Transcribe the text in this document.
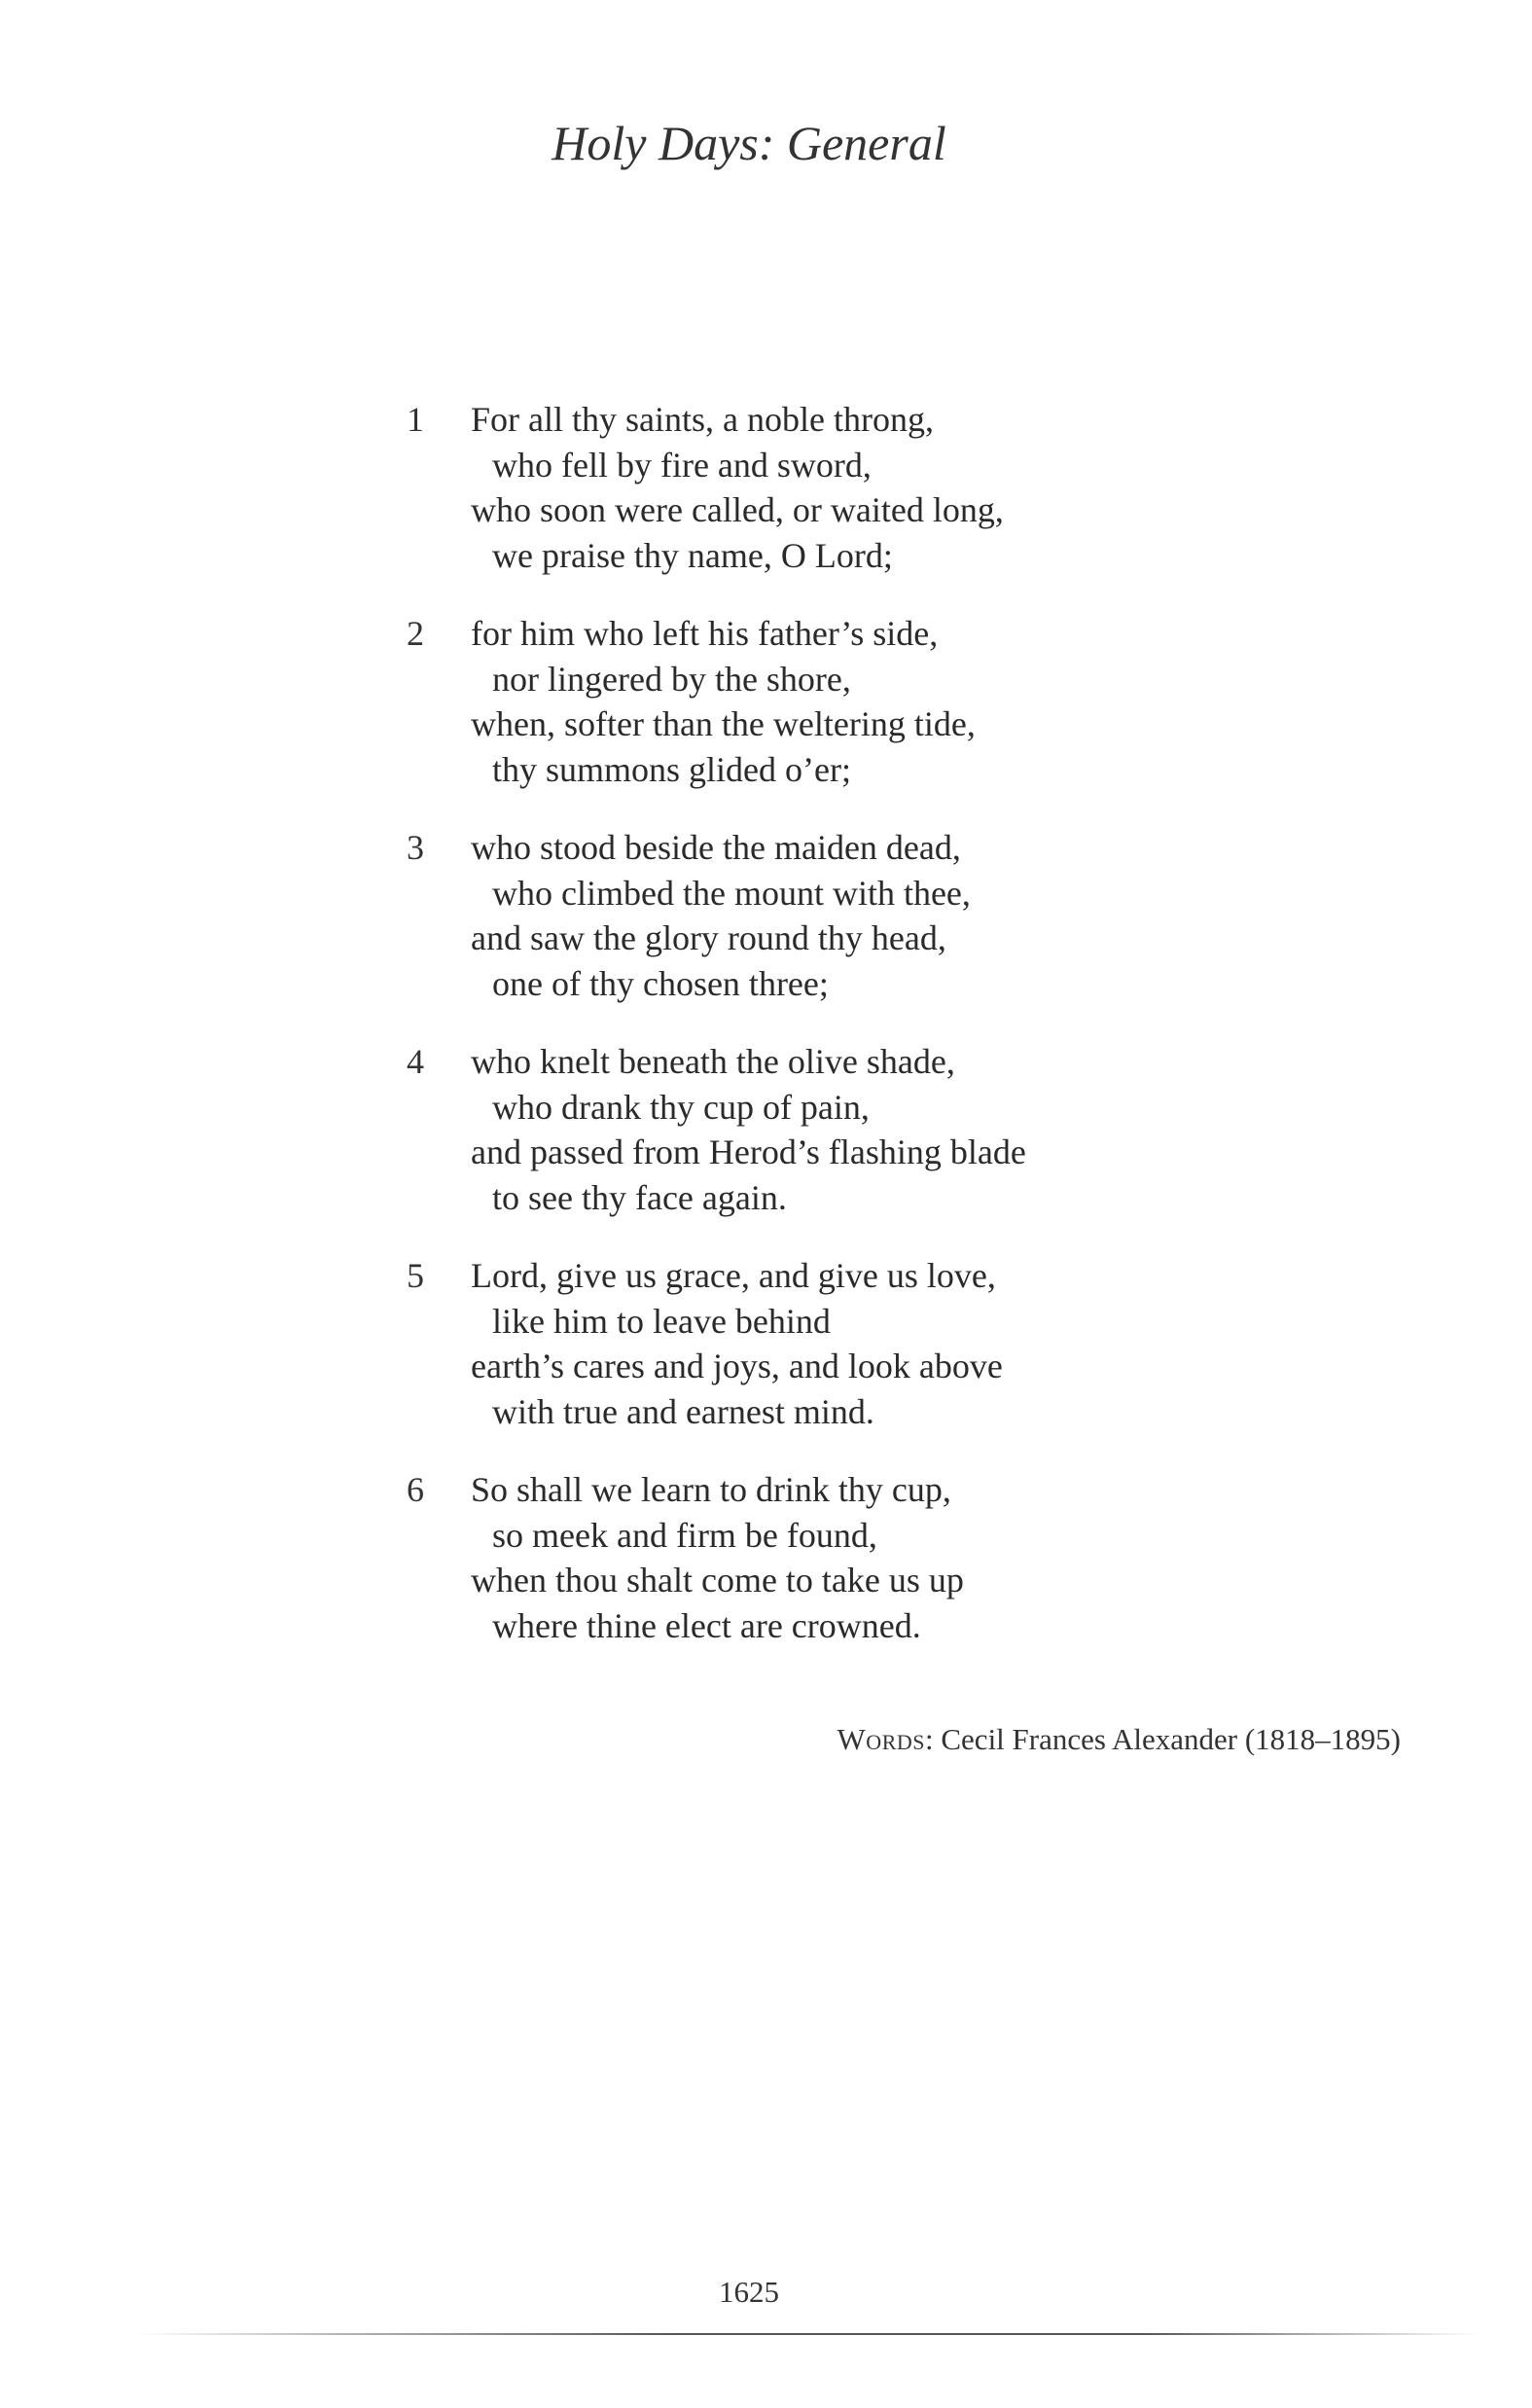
Holy Days: General
1 For all thy saints, a noble throng,
who fell by fire and sword,
who soon were called, or waited long,
we praise thy name, O Lord;
2 for him who left his father’s side,
nor lingered by the shore,
when, softer than the weltering tide,
thy summons glided o’er;
3 who stood beside the maiden dead,
who climbed the mount with thee,
and saw the glory round thy head,
one of thy chosen three;
4 who knelt beneath the olive shade,
who drank thy cup of pain,
and passed from Herod’s flashing blade
to see thy face again.
5 Lord, give us grace, and give us love,
like him to leave behind
earth’s cares and joys, and look above
with true and earnest mind.
6 So shall we learn to drink thy cup,
so meek and firm be found,
when thou shalt come to take us up
where thine elect are crowned.
Words: Cecil Frances Alexander (1818–1895)
1625
